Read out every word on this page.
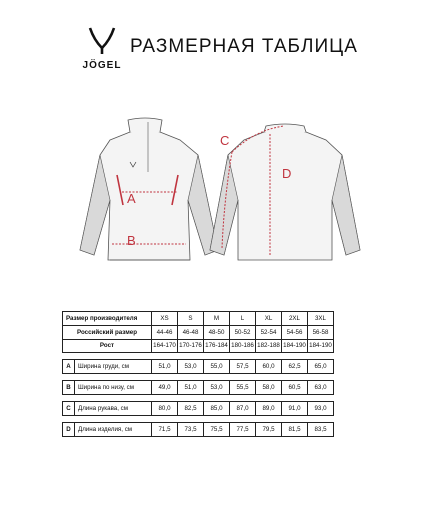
JÖGEL
РАЗМЕРНАЯ ТАБЛИЦА
A
B
C
D
Размер производителя		XS	S	M	L	XL	2XL	3XL
Российский размер		44-46	46-48	48-50	50-52	52-54	54-56	56-58
Рост		164-170	170-176	176-184	180-186	182-188	184-190	184-190

A	Ширина груди, см	51,0	53,0	55,0	57,5	60,0	62,5	65,0

B	Ширина по низу, см	49,0	51,0	53,0	55,5	58,0	60,5	63,0

C	Длина рукава, см	80,0	82,5	85,0	87,0	89,0	91,0	93,0

D	Длина изделия, см	71,5	73,5	75,5	77,5	79,5	81,5	83,5
